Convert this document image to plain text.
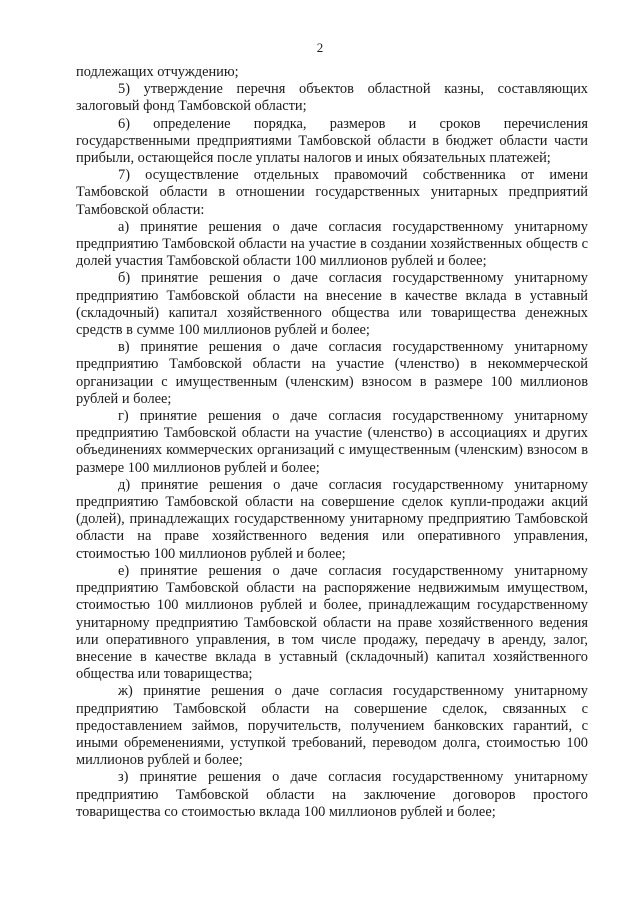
2

подлежащих отчуждению;

5) утверждение перечня объектов областной казны, составляющих залоговый фонд Тамбовской области;

6) определение порядка, размеров и сроков перечисления государственными предприятиями Тамбовской области в бюджет области части прибыли, остающейся после уплаты налогов и иных обязательных платежей;

7) осуществление отдельных правомочий собственника от имени Тамбовской области в отношении государственных унитарных предприятий Тамбовской области:

а) принятие решения о даче согласия государственному унитарному предприятию Тамбовской области на участие в создании хозяйственных обществ с долей участия Тамбовской области 100 миллионов рублей и более;

б) принятие решения о даче согласия государственному унитарному предприятию Тамбовской области на внесение в качестве вклада в уставный (складочный) капитал хозяйственного общества или товарищества денежных средств в сумме 100 миллионов рублей и более;

в) принятие решения о даче согласия государственному унитарному предприятию Тамбовской области на участие (членство) в некоммерческой организации с имущественным (членским) взносом в размере 100 миллионов рублей и более;

г) принятие решения о даче согласия государственному унитарному предприятию Тамбовской области на участие (членство) в ассоциациях и других объединениях коммерческих организаций с имущественным (членским) взносом в размере 100 миллионов рублей и более;

д) принятие решения о даче согласия государственному унитарному предприятию Тамбовской области на совершение сделок купли-продажи акций (долей), принадлежащих государственному унитарному предприятию Тамбовской области на праве хозяйственного ведения или оперативного управления, стоимостью 100 миллионов рублей и более;

е) принятие решения о даче согласия государственному унитарному предприятию Тамбовской области на распоряжение недвижимым имуществом, стоимостью 100 миллионов рублей и более, принадлежащим государственному унитарному предприятию Тамбовской области на праве хозяйственного ведения или оперативного управления, в том числе продажу, передачу в аренду, залог, внесение в качестве вклада в уставный (складочный) капитал хозяйственного общества или товарищества;

ж) принятие решения о даче согласия государственному унитарному предприятию Тамбовской области на совершение сделок, связанных с предоставлением займов, поручительств, получением банковских гарантий, с иными обременениями, уступкой требований, переводом долга, стоимостью 100 миллионов рублей и более;

з) принятие решения о даче согласия государственному унитарному предприятию Тамбовской области на заключение договоров простого товарищества со стоимостью вклада 100 миллионов рублей и более;
